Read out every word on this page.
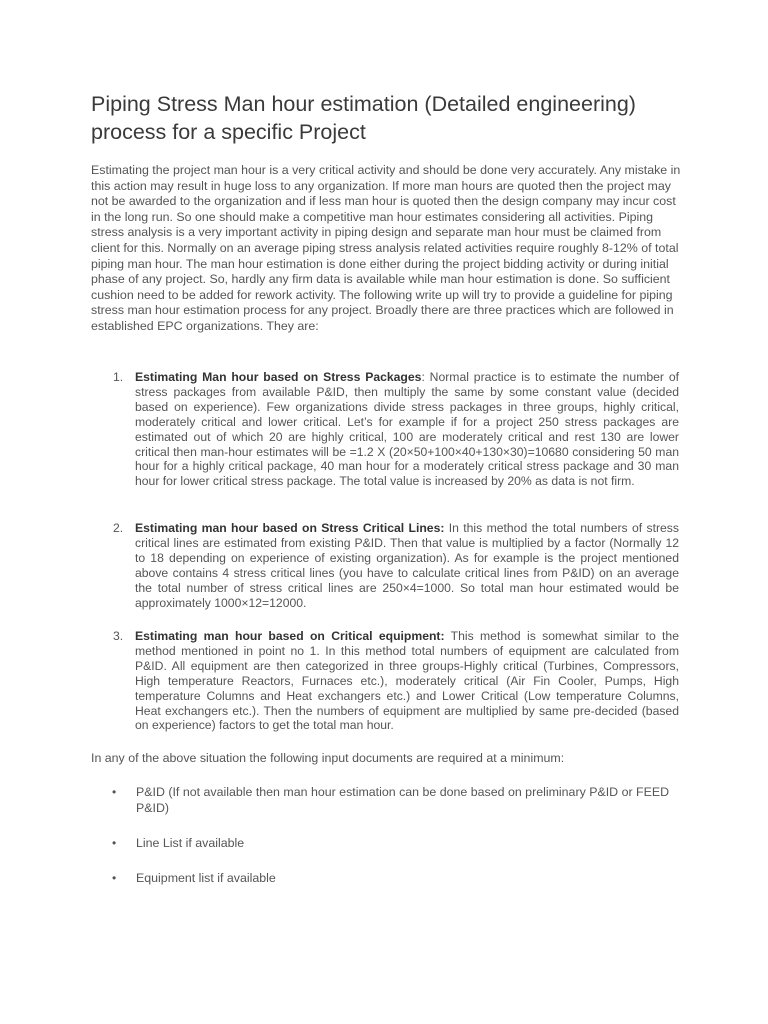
Piping Stress Man hour estimation (Detailed engineering) process for a specific Project

Estimating the project man hour is a very critical activity and should be done very accurately. Any mistake in this action may result in huge loss to any organization. If more man hours are quoted then the project may not be awarded to the organization and if less man hour is quoted then the design company may incur cost in the long run. So one should make a competitive man hour estimates considering all activities. Piping stress analysis is a very important activity in piping design and separate man hour must be claimed from client for this. Normally on an average piping stress analysis related activities require roughly 8-12% of total piping man hour. The man hour estimation is done either during the project bidding activity or during initial phase of any project. So, hardly any firm data is available while man hour estimation is done. So sufficient cushion need to be added for rework activity. The following write up will try to provide a guideline for piping stress man hour estimation process for any project. Broadly there are three practices which are followed in established EPC organizations. They are:

1. Estimating Man hour based on Stress Packages: Normal practice is to estimate the number of stress packages from available P&ID, then multiply the same by some constant value (decided based on experience). Few organizations divide stress packages in three groups, highly critical, moderately critical and lower critical. Let’s for example if for a project 250 stress packages are estimated out of which 20 are highly critical, 100 are moderately critical and rest 130 are lower critical then man-hour estimates will be =1.2 X (20×50+100×40+130×30)=10680 considering 50 man hour for a highly critical package, 40 man hour for a moderately critical stress package and 30 man hour for lower critical stress package. The total value is increased by 20% as data is not firm.
2. Estimating man hour based on Stress Critical Lines: In this method the total numbers of stress critical lines are estimated from existing P&ID. Then that value is multiplied by a factor (Normally 12 to 18 depending on experience of existing organization). As for example is the project mentioned above contains 4 stress critical lines (you have to calculate critical lines from P&ID) on an average the total number of stress critical lines are 250×4=1000. So total man hour estimated would be approximately 1000×12=12000.
3. Estimating man hour based on Critical equipment: This method is somewhat similar to the method mentioned in point no 1. In this method total numbers of equipment are calculated from P&ID. All equipment are then categorized in three groups-Highly critical (Turbines, Compressors, High temperature Reactors, Furnaces etc.), moderately critical (Air Fin Cooler, Pumps, High temperature Columns and Heat exchangers etc.) and Lower Critical (Low temperature Columns, Heat exchangers etc.). Then the numbers of equipment are multiplied by same pre-decided (based on experience) factors to get the total man hour.

In any of the above situation the following input documents are required at a minimum:

• P&ID (If not available then man hour estimation can be done based on preliminary P&ID or FEED P&ID)
• Line List if available
• Equipment list if available
